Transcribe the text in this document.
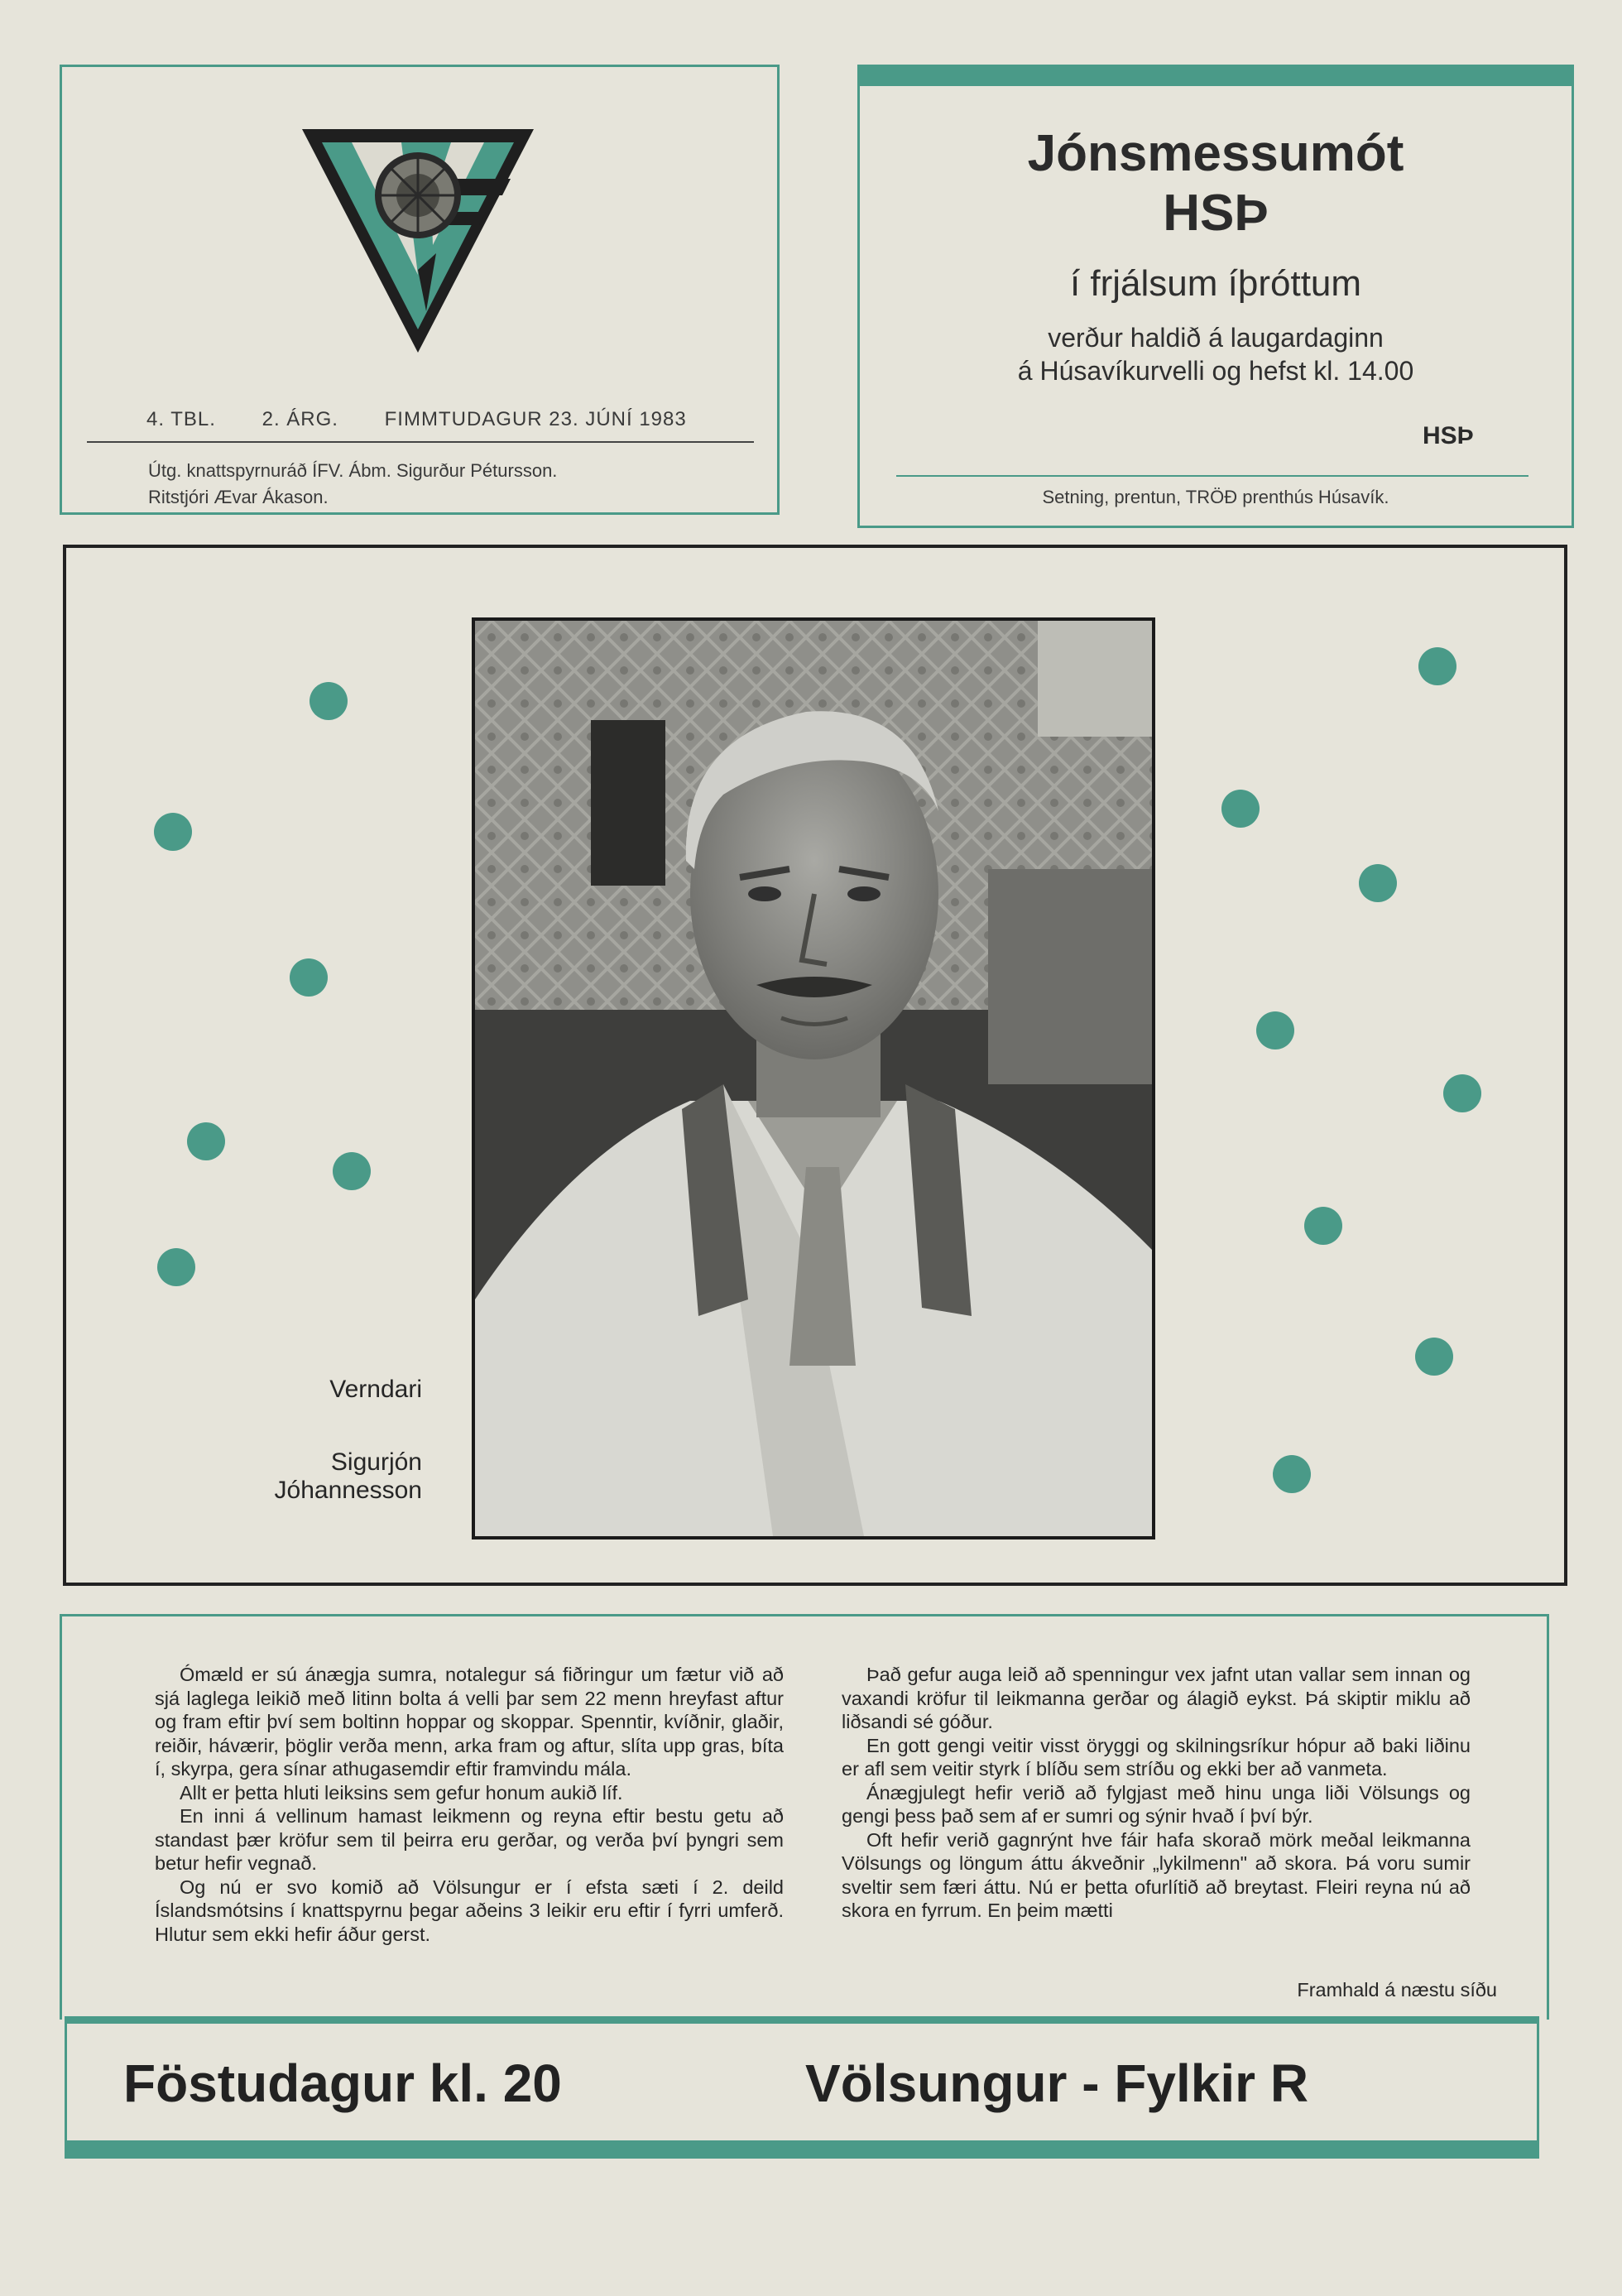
4. TBL. 2. ÁRG. FIMMTUDAGUR 23. JÚNÍ 1983
Útg. knattspyrnuráð ÍFV. Ábm. Sigurður Pétursson.
Ritstjóri Ævar Ákason.
Jónsmessumót
HSÞ
í frjálsum íþróttum
verður haldið á laugardaginn
á Húsavíkurvelli og hefst kl. 14.00
HSÞ
Setning, prentun, TRÖÐ prenthús Húsavík.
Verndari
Sigurjón
Jóhannesson

Ómæld er sú ánægja sumra, notalegur sá fiðringur um fætur við að sjá laglega leikið með litinn bolta á velli þar sem 22 menn hreyfast aftur og fram eftir því sem boltinn hoppar og skoppar. Spenntir, kvíðnir, glaðir, reiðir, háværir, þöglir verða menn, arka fram og aftur, slíta upp gras, bíta í, skyrpa, gera sínar athugasemdir eftir framvindu mála.

Allt er þetta hluti leiksins sem gefur honum aukið líf.

En inni á vellinum hamast leikmenn og reyna eftir bestu getu að standast þær kröfur sem til þeirra eru gerðar, og verða því þyngri sem betur hefir vegnað.

Og nú er svo komið að Völsungur er í efsta sæti í 2. deild Íslandsmótsins í knattspyrnu þegar aðeins 3 leikir eru eftir í fyrri umferð. Hlutur sem ekki hefir áður gerst.

Það gefur auga leið að spenningur vex jafnt utan vallar sem innan og vaxandi kröfur til leikmanna gerðar og álagið eykst. Þá skiptir miklu að liðsandi sé góður.

En gott gengi veitir visst öryggi og skilningsríkur hópur að baki liðinu er afl sem veitir styrk í blíðu sem stríðu og ekki ber að vanmeta.

Ánægjulegt hefir verið að fylgjast með hinu unga liði Völsungs og gengi þess það sem af er sumri og sýnir hvað í því býr.

Oft hefir verið gagnrýnt hve fáir hafa skorað mörk meðal leikmanna Völsungs og löngum áttu ákveðnir „lykilmenn" að skora. Þá voru sumir sveltir sem færi áttu. Nú er þetta ofurlítið að breytast. Fleiri reyna nú að skora en fyrrum. En þeim mætti

Framhald á næstu síðu
Föstudagur kl. 20	Völsungur - Fylkir R
